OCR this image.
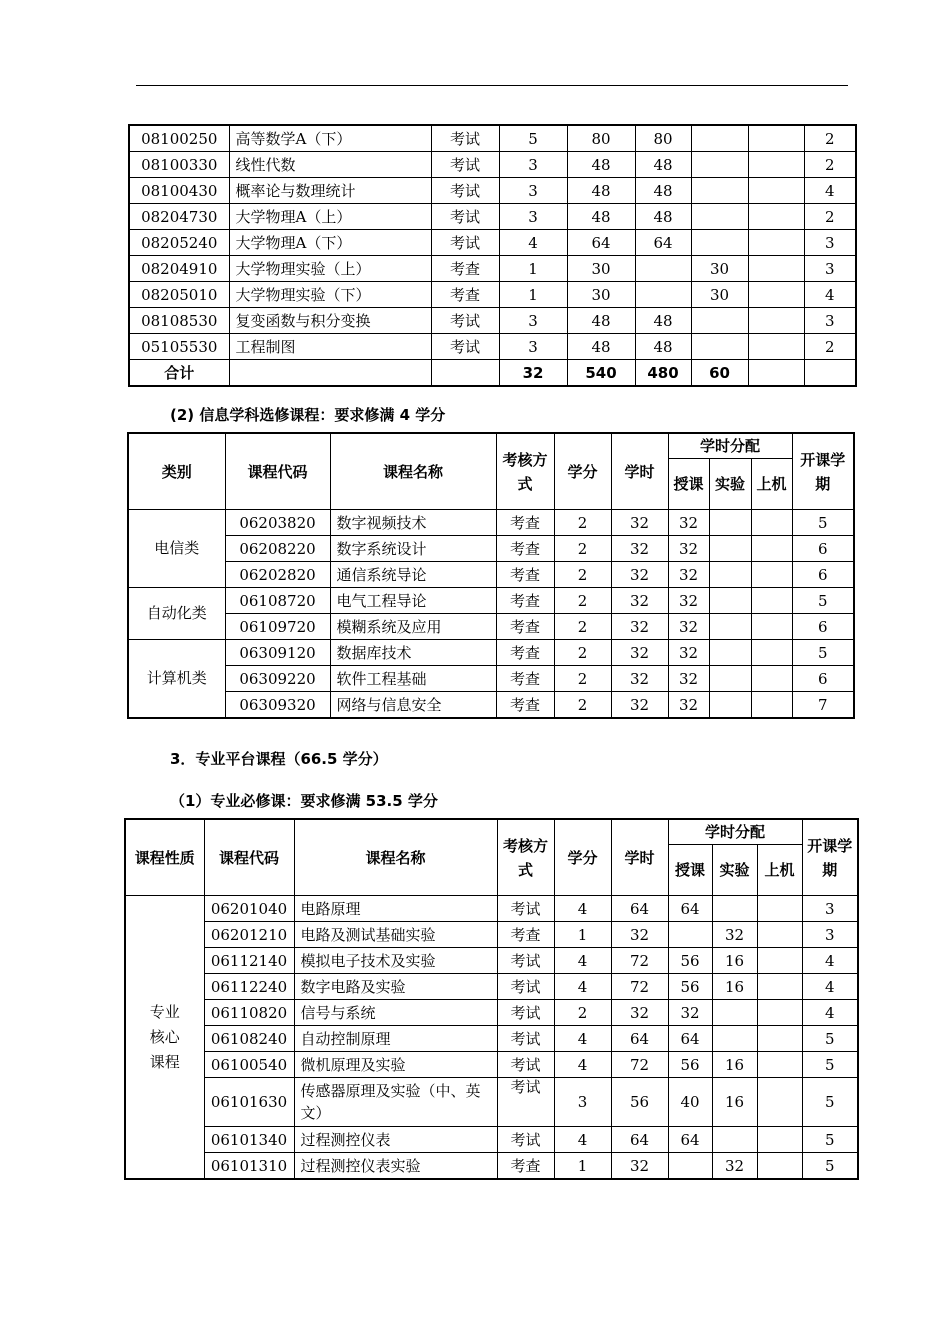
08100250	高等数学A（下）	考试	5	80	80			2
08100330	线性代数	考试	3	48	48			2
08100430	概率论与数理统计	考试	3	48	48			4
08204730	大学物理A（上）	考试	3	48	48			2
08205240	大学物理A（下）	考试	4	64	64			3
08204910	大学物理实验（上）	考查	1	30		30		3
08205010	大学物理实验（下）	考查	1	30		30		4
08108530	复变函数与积分变换	考试	3	48	48			3
05105530	工程制图	考试	3	48	48			2
合计			32	540	480	60		
(2) 信息学科选修课程：要求修满 4 学分
类别	课程代码	课程名称	考核方式	学分	学时	学时分配			开课学期
						授课	实验	上机	
电信类	06203820	数字视频技术	考查	2	32	32			5
	06208220	数字系统设计	考查	2	32	32			6
	06202820	通信系统导论	考查	2	32	32			6
自动化类	06108720	电气工程导论	考查	2	32	32			5
	06109720	模糊系统及应用	考查	2	32	32			6
计算机类	06309120	数据库技术	考查	2	32	32			5
	06309220	软件工程基础	考查	2	32	32			6
	06309320	网络与信息安全	考查	2	32	32			7
3．专业平台课程（66.5 学分）
（1）专业必修课：要求修满 53.5 学分
课程性质	课程代码	课程名称	考核方式	学分	学时	学时分配			开课学期
						授课	实验	上机	
专业核心课程	06201040	电路原理	考试	4	64	64			3
	06201210	电路及测试基础实验	考查	1	32		32		3
	06112140	模拟电子技术及实验	考试	4	72	56	16		4
	06112240	数字电路及实验	考试	4	72	56	16		4
	06110820	信号与系统	考试	2	32	32			4
	06108240	自动控制原理	考试	4	64	64			5
	06100540	微机原理及实验	考试	4	72	56	16		5
	06101630	传感器原理及实验（中、英文）	考试	3	56	40	16		5
	06101340	过程测控仪表	考试	4	64	64			5
	06101310	过程测控仪表实验	考查	1	32		32		5
